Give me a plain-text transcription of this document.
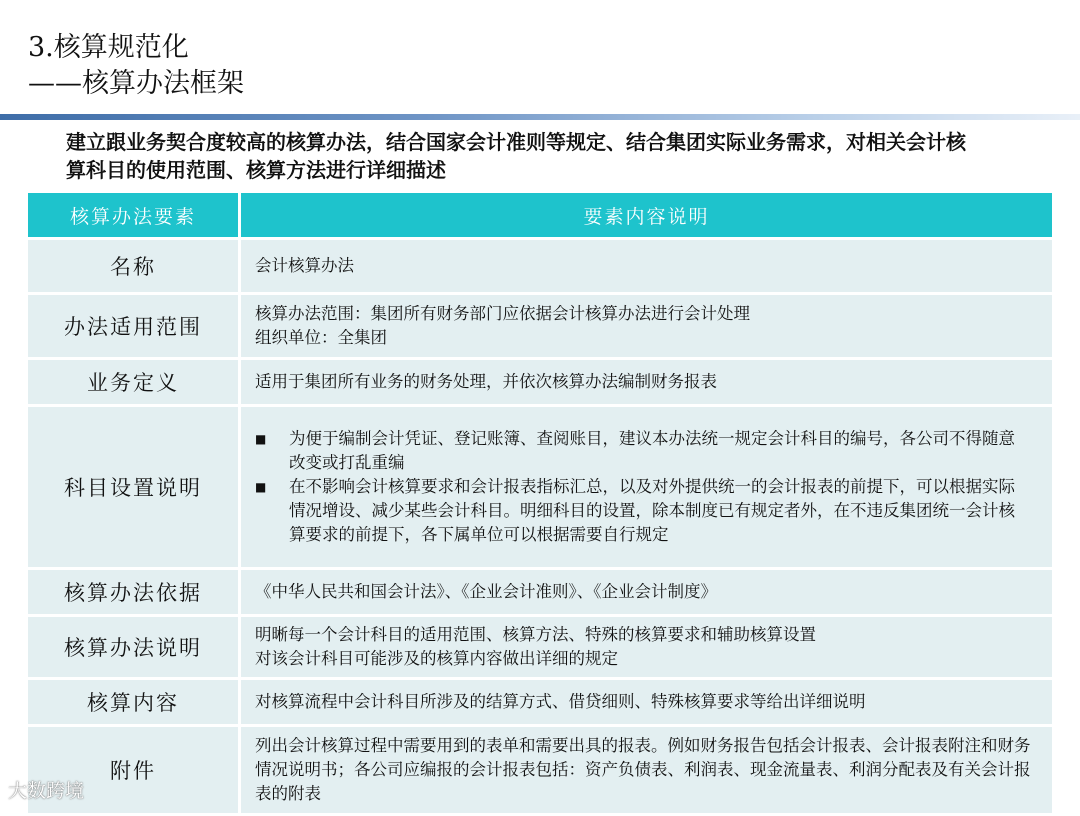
3.核算规范化
——核算办法框架
建立跟业务契合度较高的核算办法，结合国家会计准则等规定、结合集团实际业务需求，对相关会计核算科目的使用范围、核算方法进行详细描述
核算办法要素	要素内容说明
名称	会计核算办法

办法适用范围	核算办法范围：集团所有财务部门应依据会计核算办法进行会计处理
组织单位：全集团

业务定义	适用于集团所有业务的财务处理，并依次核算办法编制财务报表

科目设置说明	■ 为便于编制会计凭证、登记账簿、查阅账目，建议本办法统一规定会计科目的编号，各公司不得随意改变或打乱重编
■ 在不影响会计核算要求和会计报表指标汇总，以及对外提供统一的会计报表的前提下，可以根据实际情况增设、减少某些会计科目。明细科目的设置，除本制度已有规定者外，在不违反集团统一会计核算要求的前提下，各下属单位可以根据需要自行规定

核算办法依据	《中华人民共和国会计法》、《企业会计准则》、《企业会计制度》

核算办法说明	明晰每一个会计科目的适用范围、核算方法、特殊的核算要求和辅助核算设置
对该会计科目可能涉及的核算内容做出详细的规定

核算内容	对核算流程中会计科目所涉及的结算方式、借贷细则、特殊核算要求等给出详细说明

附件	列出会计核算过程中需要用到的表单和需要出具的报表。例如财务报告包括会计报表、会计报表附注和财务情况说明书；各公司应编报的会计报表包括：资产负债表、利润表、现金流量表、利润分配表及有关会计报表的附表
大数跨境
